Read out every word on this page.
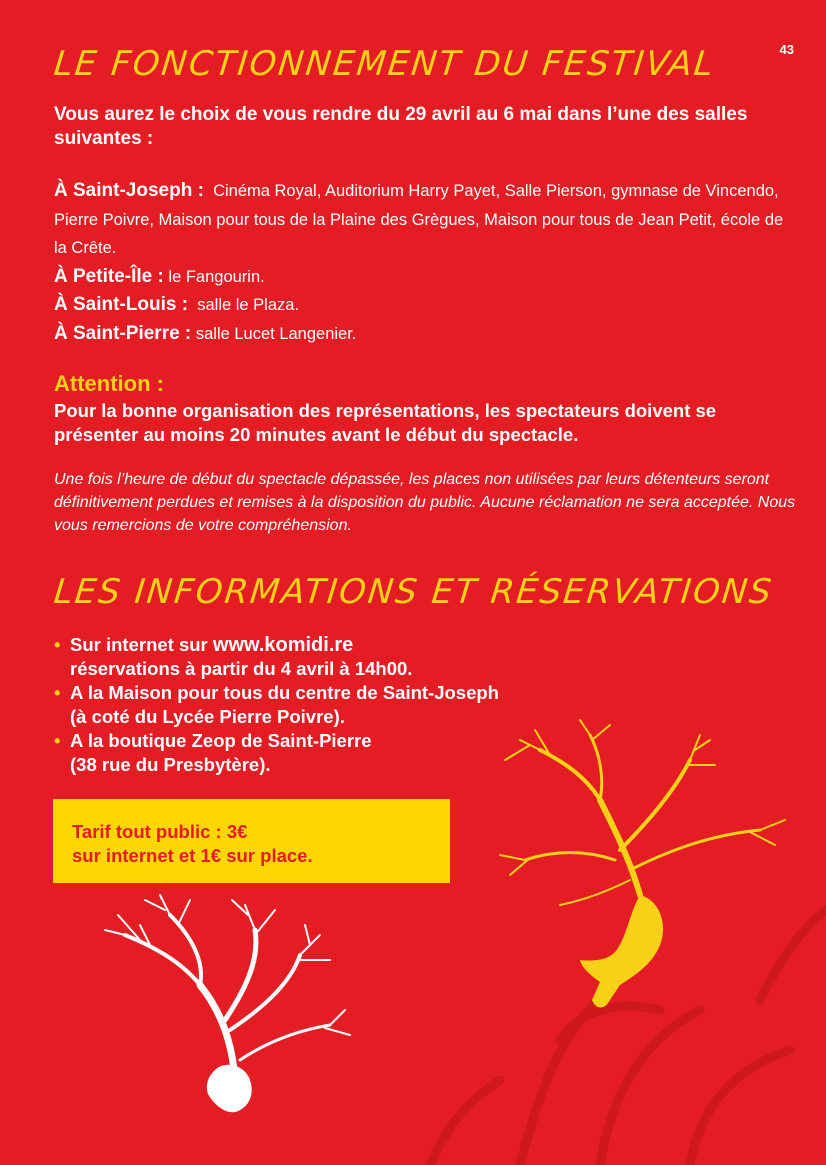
43
LE FONCTIONNEMENT DU FESTIVAL
Vous aurez le choix de vous rendre du 29 avril au 6 mai dans l’une des salles suivantes :
À Saint-Joseph : Cinéma Royal, Auditorium Harry Payet, Salle Pierson, gymnase de Vincendo, Pierre Poivre, Maison pour tous de la Plaine des Grègues, Maison pour tous de Jean Petit, école de la Crête.
À Petite-Île : le Fangourin.
À Saint-Louis : salle le Plaza.
À Saint-Pierre : salle Lucet Langenier.
Attention :
Pour la bonne organisation des représentations, les spectateurs doivent se présenter au moins 20 minutes avant le début du spectacle.
Une fois l’heure de début du spectacle dépassée, les places non utilisées par leurs détenteurs seront définitivement perdues et remises à la disposition du public. Aucune réclamation ne sera acceptée. Nous vous remercions de votre compréhension.
LES INFORMATIONS ET RÉSERVATIONS
• Sur internet sur www.komidi.re
réservations à partir du 4 avril à 14h00.
• A la Maison pour tous du centre de Saint-Joseph
(à coté du Lycée Pierre Poivre).
• A la boutique Zeop de Saint-Pierre
(38 rue du Presbytère).
Tarif tout public : 3€
sur internet et 1€ sur place.
